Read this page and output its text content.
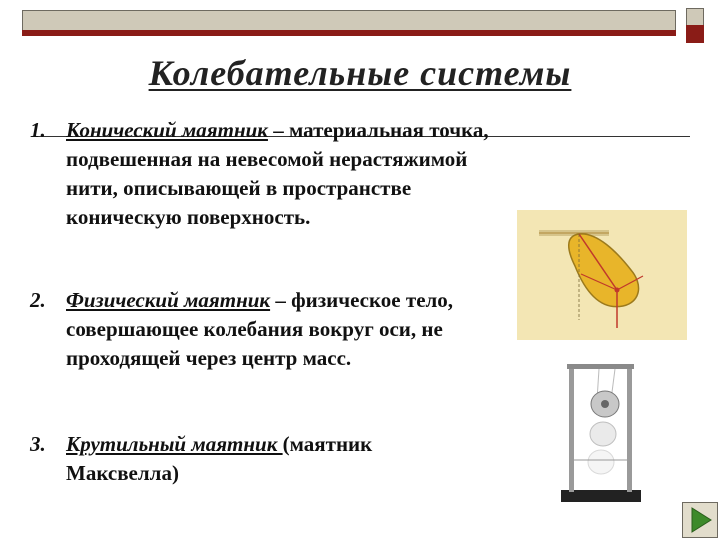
Колебательные системы
1. Конический маятник – материальная точка, подвешенная на невесомой нерастяжимой нити, описывающей в пространстве коническую поверхность.
2. Физический маятник – физическое тело, совершающее колебания вокруг оси, не проходящей через центр масс.
3. Крутильный маятник (маятник Максвелла)
